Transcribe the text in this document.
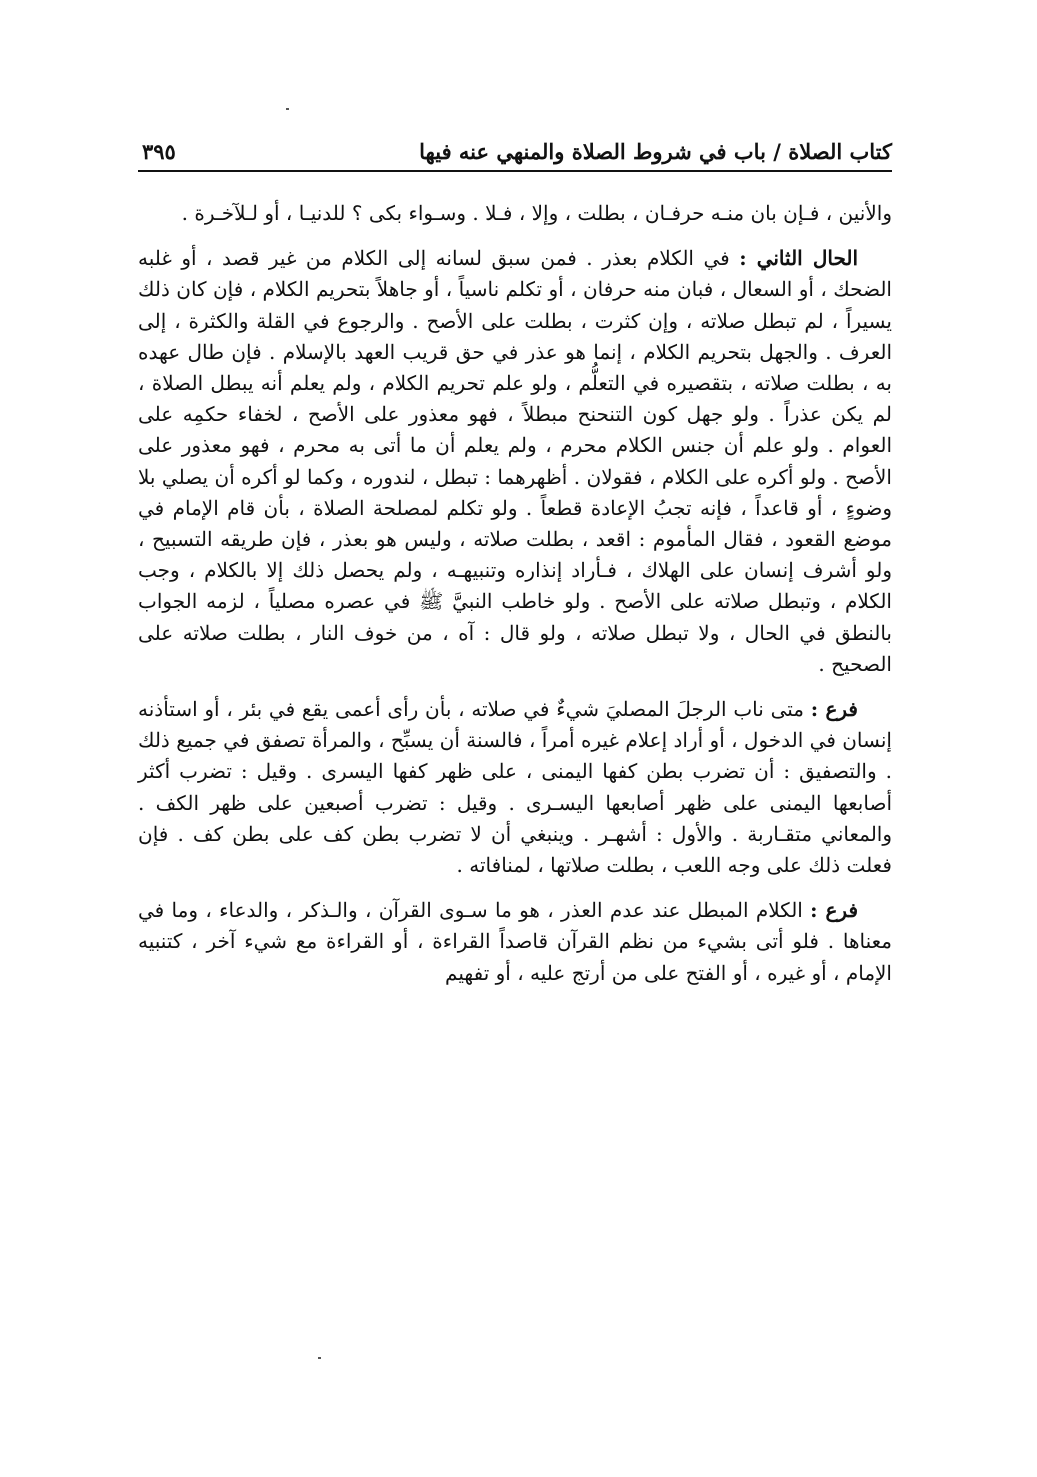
كتاب الصلاة / باب في شروط الصلاة والمنهي عنه فيها
٣٩٥

والأنين ، فـإن بان منـه حرفـان ، بطلت ، وإلا ، فـلا . وسـواء بكى ؟ للدنيـا ، أو لـلآخـرة .

الحال الثاني : في الكلام بعذر . فمن سبق لسانه إلى الكلام من غير قصد ، أو غلبه الضحك ، أو السعال ، فبان منه حرفان ، أو تكلم ناسياً ، أو جاهلاً بتحريم الكلام ، فإن كان ذلك يسيراً ، لم تبطل صلاته ، وإن كثرت ، بطلت على الأصح . والرجوع في القلة والكثرة ، إلى العرف . والجهل بتحريم الكلام ، إنما هو عذر في حق قريب العهد بالإسلام . فإن طال عهده به ، بطلت صلاته ، بتقصيره في التعلُّم ، ولو علم تحريم الكلام ، ولم يعلم أنه يبطل الصلاة ، لم يكن عذراً . ولو جهل كون التنحنح مبطلاً ، فهو معذور على الأصح ، لخفاء حكمِه على العوام . ولو علم أن جنس الكلام محرم ، ولم يعلم أن ما أتى به محرم ، فهو معذور على الأصح . ولو أكره على الكلام ، فقولان . أظهرهما : تبطل ، لندوره ، وكما لو أكره أن يصلي بلا وضوءٍ ، أو قاعداً ، فإنه تجبُ الإعادة قطعاً . ولو تكلم لمصلحة الصلاة ، بأن قام الإمام في موضع القعود ، فقال المأموم : اقعد ، بطلت صلاته ، وليس هو بعذر ، فإن طريقه التسبيح ، ولو أشرف إنسان على الهلاك ، فـأراد إنذاره وتنبيهـه ، ولم يحصل ذلك إلا بالكلام ، وجب الكلام ، وتبطل صلاته على الأصح . ولو خاطب النبيَّ ﷺ في عصره مصلياً ، لزمه الجواب بالنطق في الحال ، ولا تبطل صلاته ، ولو قال : آه ، من خوف النار ، بطلت صلاته على الصحيح .

فرع : متى ناب الرجلَ المصليَ شيءٌ في صلاته ، بأن رأى أعمى يقع في بئر ، أو استأذنه إنسان في الدخول ، أو أراد إعلام غيره أمراً ، فالسنة أن يسبِّح ، والمرأة تصفق في جميع ذلك . والتصفيق : أن تضرب بطن كفها اليمنى ، على ظهر كفها اليسرى . وقيل : تضرب أكثر أصابعها اليمنى على ظهر أصابعها اليسـرى . وقيل : تضرب أصبعين على ظهر الكف . والمعاني متقـاربة . والأول : أشهـر . وينبغي أن لا تضرب بطن كف على بطن كف . فإن فعلت ذلك على وجه اللعب ، بطلت صلاتها ، لمنافاته .

فرع : الكلام المبطل عند عدم العذر ، هو ما سـوى القرآن ، والـذكر ، والدعاء ، وما في معناها . فلو أتى بشيء من نظم القرآن قاصداً القراءة ، أو القراءة مع شيء آخر ، كتنبيه الإمام ، أو غيره ، أو الفتح على من أرتج عليه ، أو تفهيم
